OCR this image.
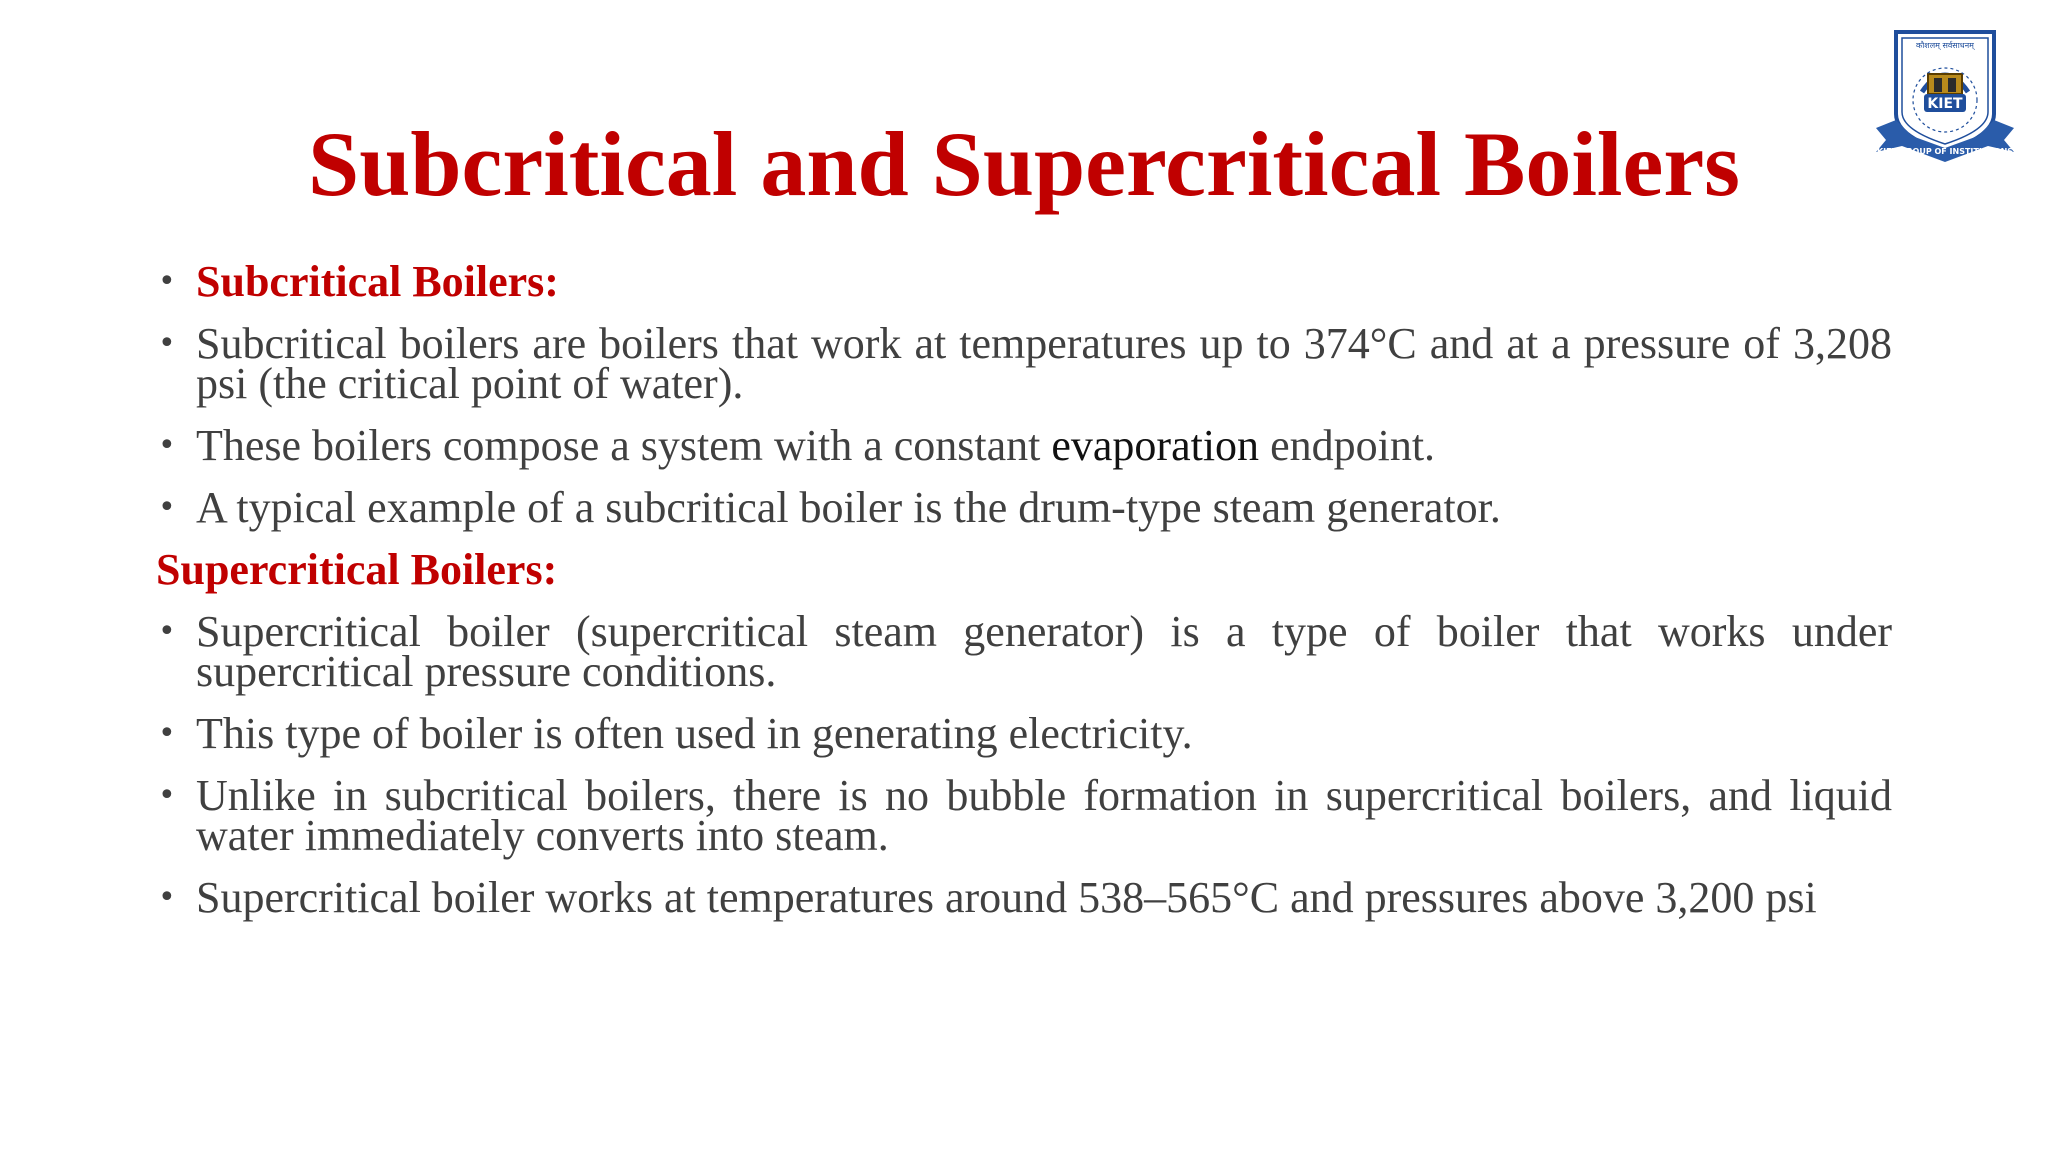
कौशलम् सर्वसाधनम्
KIET
KIET GROUP OF INSTITUTIONS
Subcritical and Supercritical Boilers
• Subcritical Boilers:
• Subcritical boilers are boilers that work at temperatures up to 374°C and at a pressure of 3,208 psi (the critical point of water).
• These boilers compose a system with a constant evaporation endpoint.
• A typical example of a subcritical boiler is the drum-type steam generator.
Supercritical Boilers:
• Supercritical boiler (supercritical steam generator) is a type of boiler that works under supercritical pressure conditions.
• This type of boiler is often used in generating electricity.
• Unlike in subcritical boilers, there is no bubble formation in supercritical boilers, and liquid water immediately converts into steam.
• Supercritical boiler works at temperatures around 538–565°C and pressures above 3,200 psi
